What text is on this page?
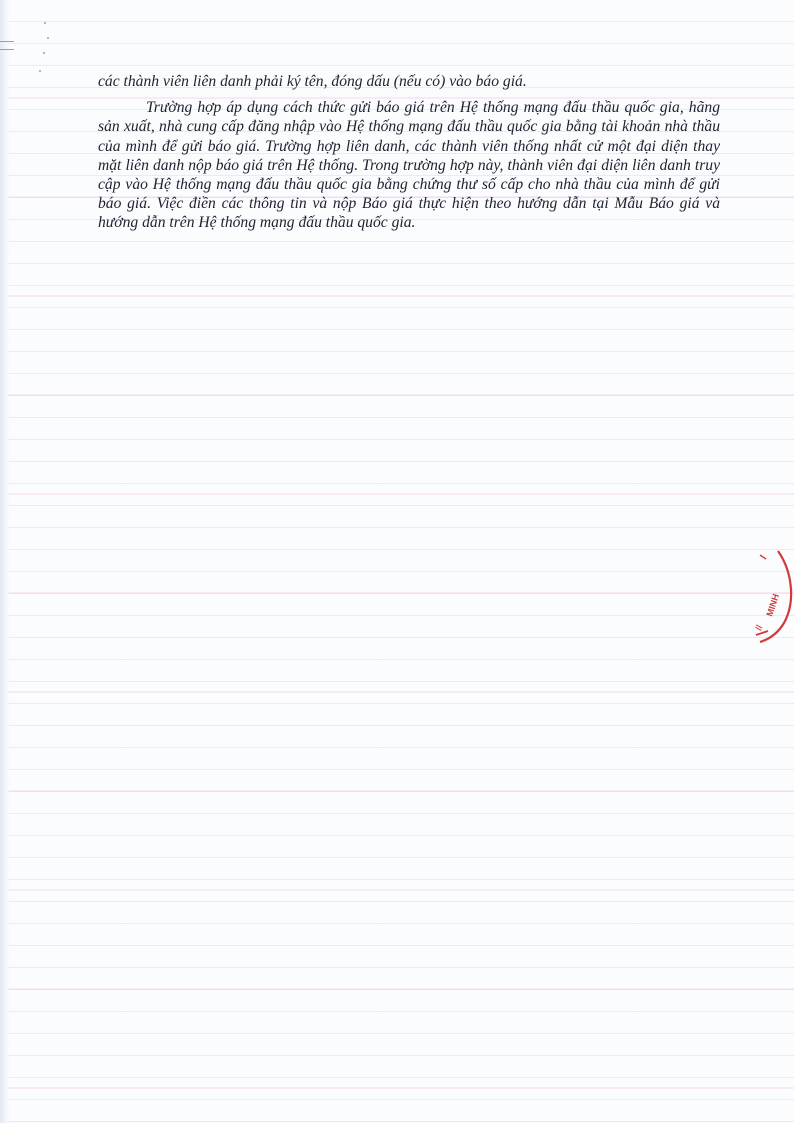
các thành viên liên danh phải ký tên, đóng dấu (nếu có) vào báo giá.

Trường hợp áp dụng cách thức gửi báo giá trên Hệ thống mạng đấu thầu quốc gia, hãng sản xuất, nhà cung cấp đăng nhập vào Hệ thống mạng đấu thầu quốc gia bằng tài khoản nhà thầu của mình để gửi báo giá. Trường hợp liên danh, các thành viên thống nhất cử một đại diện thay mặt liên danh nộp báo giá trên Hệ thống. Trong trường hợp này, thành viên đại diện liên danh truy cập vào Hệ thống mạng đấu thầu quốc gia bằng chứng thư số cấp cho nhà thầu của mình để gửi báo giá. Việc điền các thông tin và nộp Báo giá thực hiện theo hướng dẫn tại Mẫu Báo giá và hướng dẫn trên Hệ thống mạng đấu thầu quốc gia.

MINH
//
